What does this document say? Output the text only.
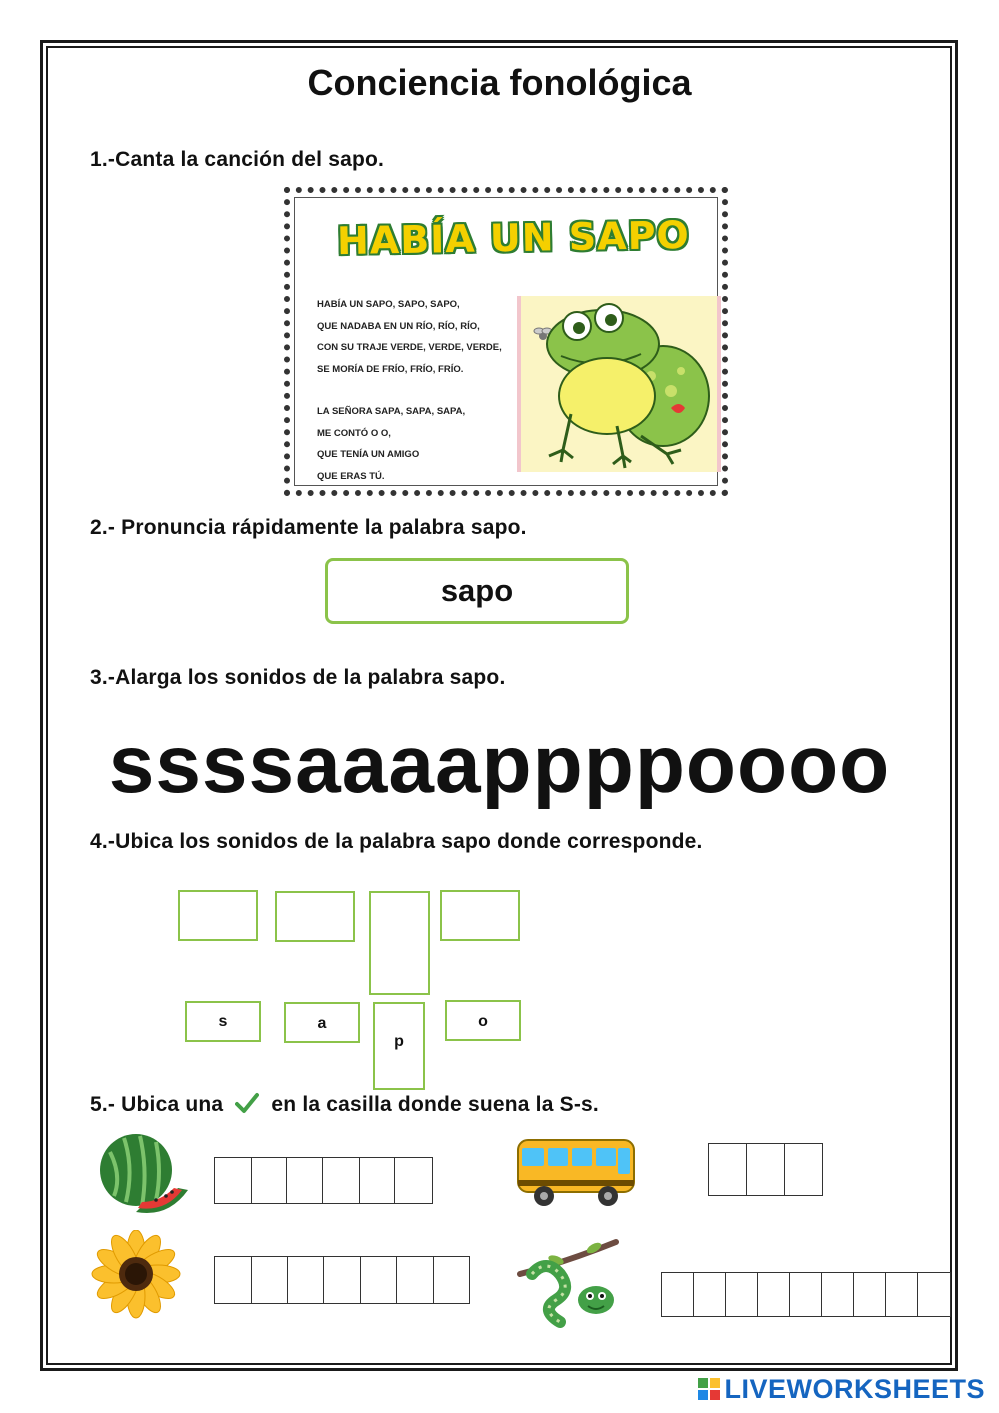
Conciencia fonológica
1.-Canta la canción del sapo.
HABÍA UN SAPO
HABÍA UN SAPO, SAPO, SAPO,
QUE NADABA EN UN RÍO, RÍO, RÍO,
CON SU TRAJE VERDE, VERDE, VERDE,
SE MORÍA DE FRÍO, FRÍO, FRÍO.
LA SEÑORA SAPA, SAPA, SAPA,
ME CONTÓ O O,
QUE TENÍA UN AMIGO
QUE ERAS TÚ.
2.- Pronuncia rápidamente la palabra sapo.
sapo
3.-Alarga los sonidos de la palabra sapo.
ssssaaaappppoooo
4.-Ubica los sonidos de la palabra sapo donde corresponde.
s	a
p
o
5.- Ubica una en la casilla donde suena la S-s.
LIVEWORKSHEETS
